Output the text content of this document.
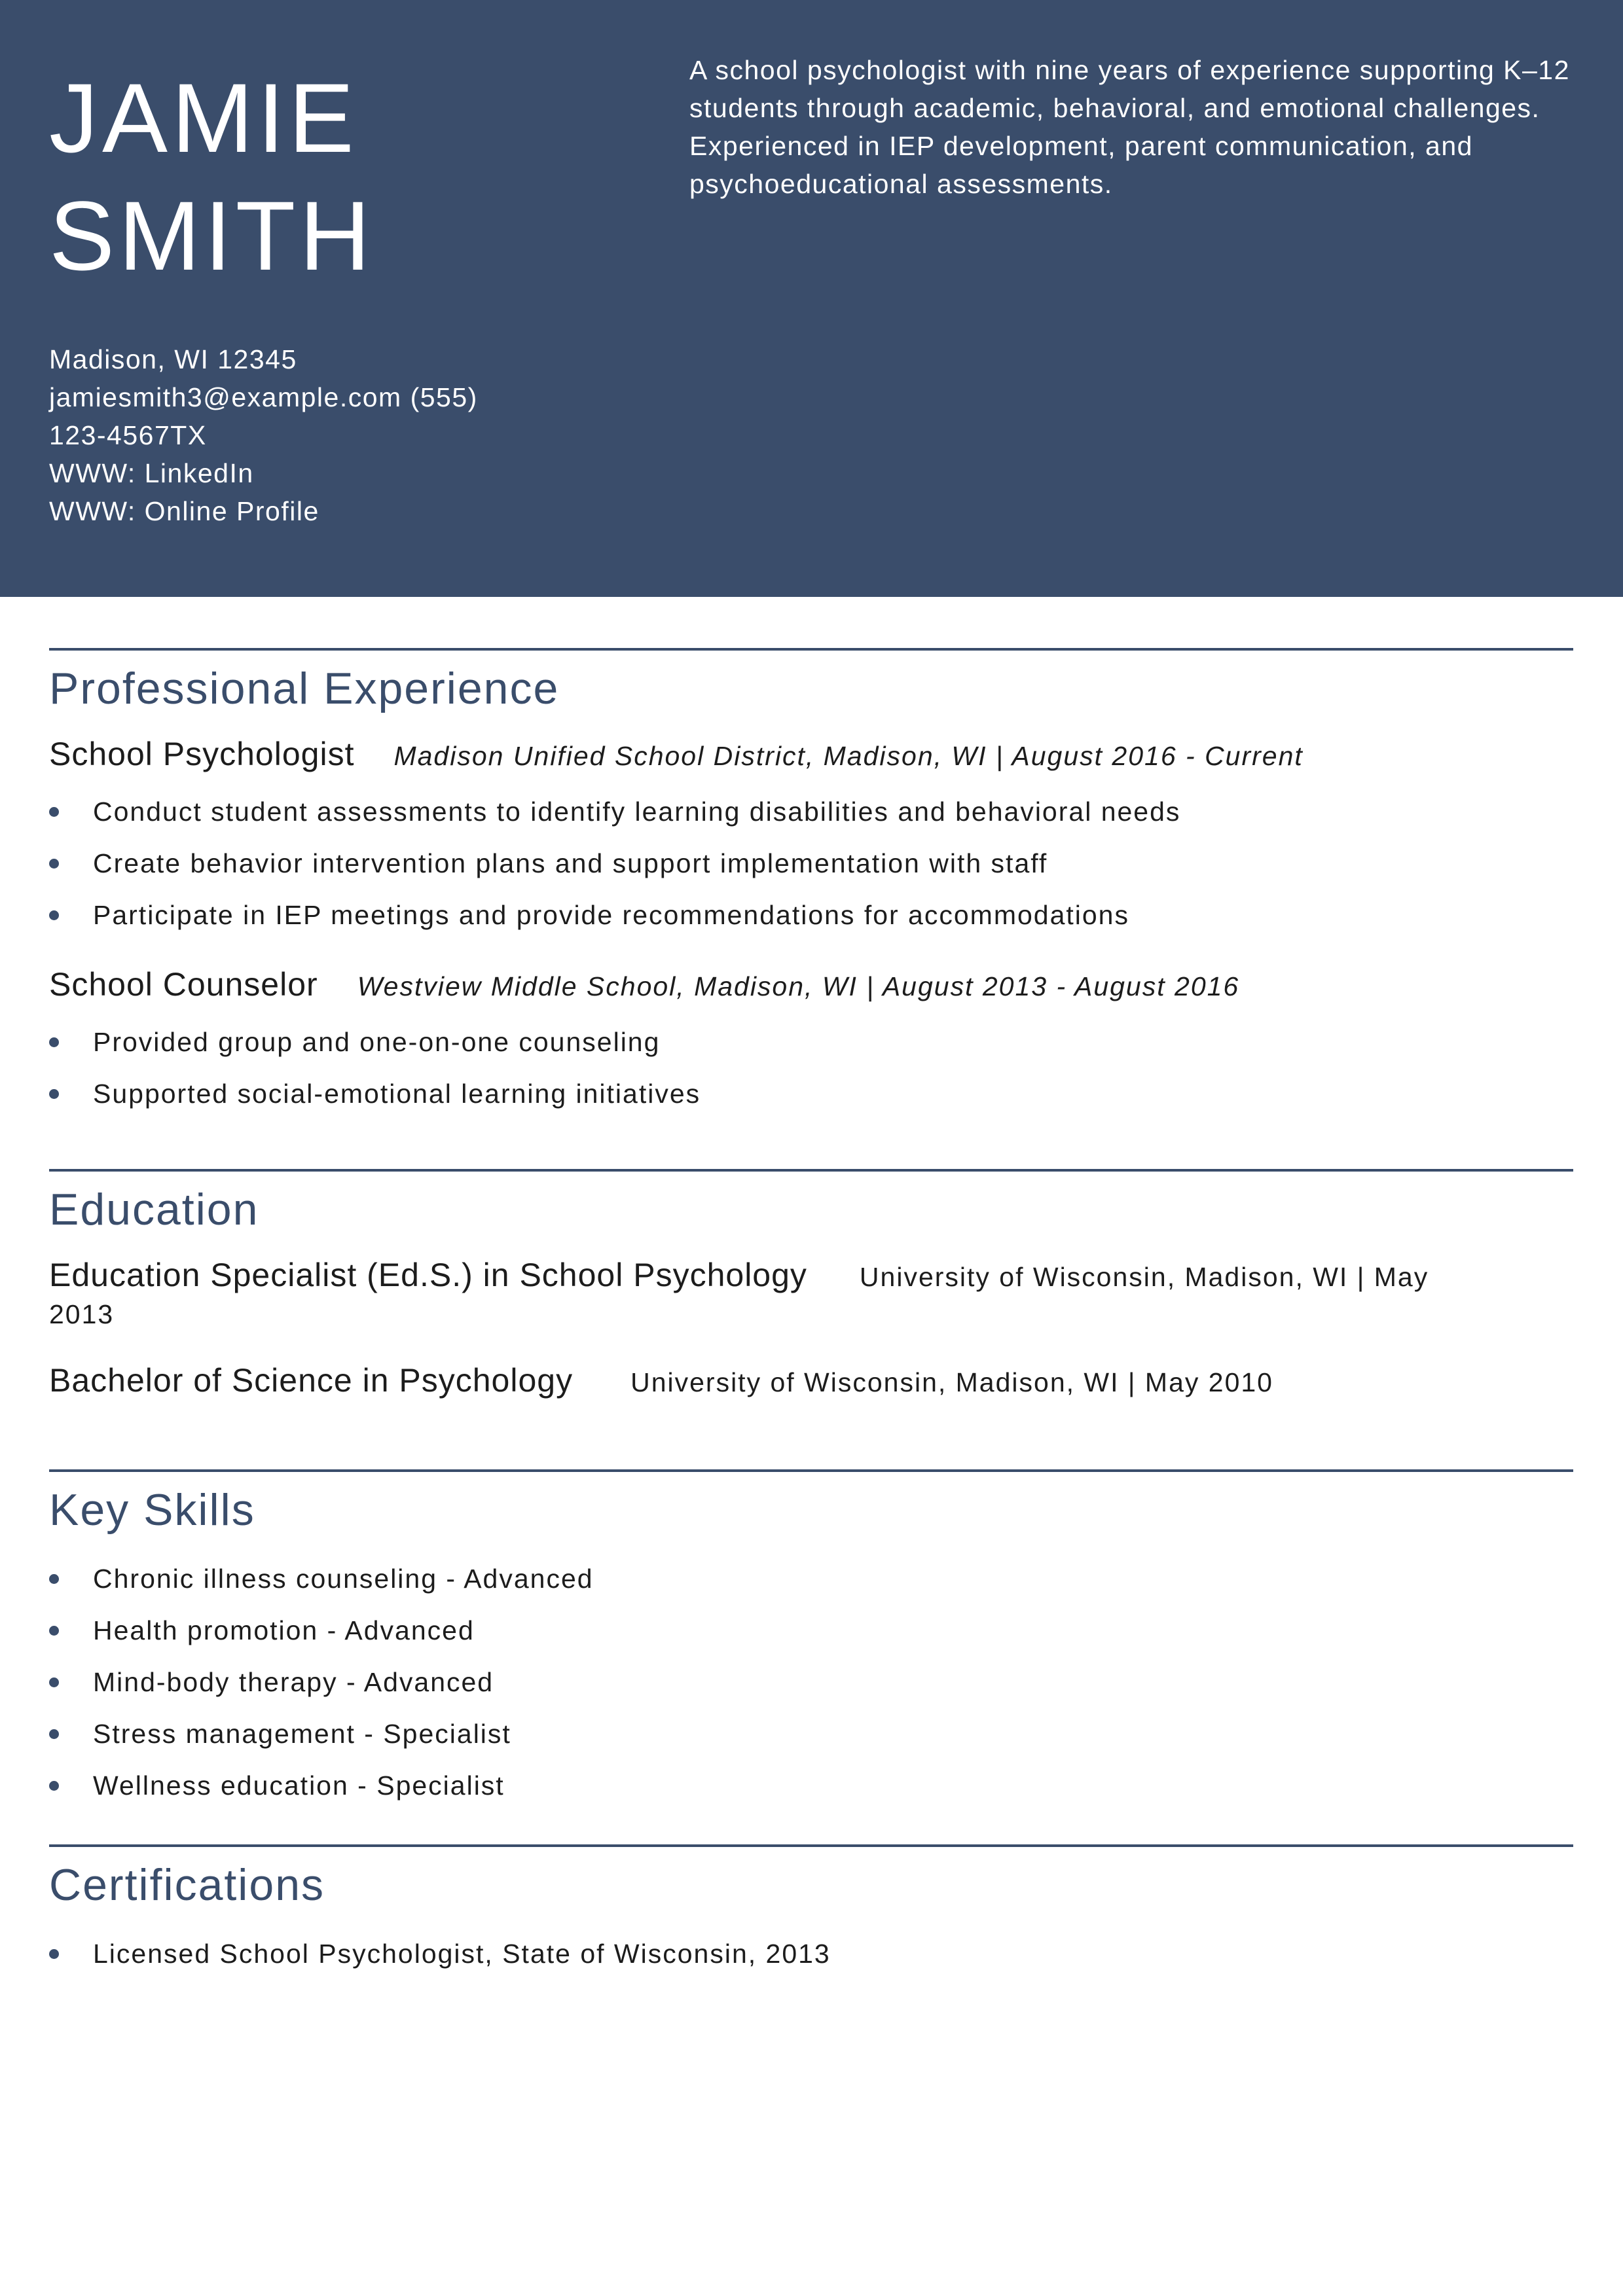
JAMIE
SMITH
A school psychologist with nine years of experience supporting K–12 students through academic, behavioral, and emotional challenges. Experienced in IEP development, parent communication, and psychoeducational assessments.
Madison, WI 12345
jamiesmith3@example.com (555)
123-4567TX
WWW: LinkedIn
WWW: Online Profile
Professional Experience
School Psychologist Madison Unified School District, Madison, WI | August 2016 - Current
Conduct student assessments to identify learning disabilities and behavioral needs
Create behavior intervention plans and support implementation with staff
Participate in IEP meetings and provide recommendations for accommodations
School Counselor Westview Middle School, Madison, WI | August 2013 - August 2016
Provided group and one-on-one counseling
Supported social-emotional learning initiatives
Education
Education Specialist (Ed.S.) in School Psychology University of Wisconsin, Madison, WI | May
2013
Bachelor of Science in Psychology University of Wisconsin, Madison, WI | May 2010
Key Skills
Chronic illness counseling - Advanced
Health promotion - Advanced
Mind-body therapy - Advanced
Stress management - Specialist
Wellness education - Specialist
Certifications
Licensed School Psychologist, State of Wisconsin, 2013
